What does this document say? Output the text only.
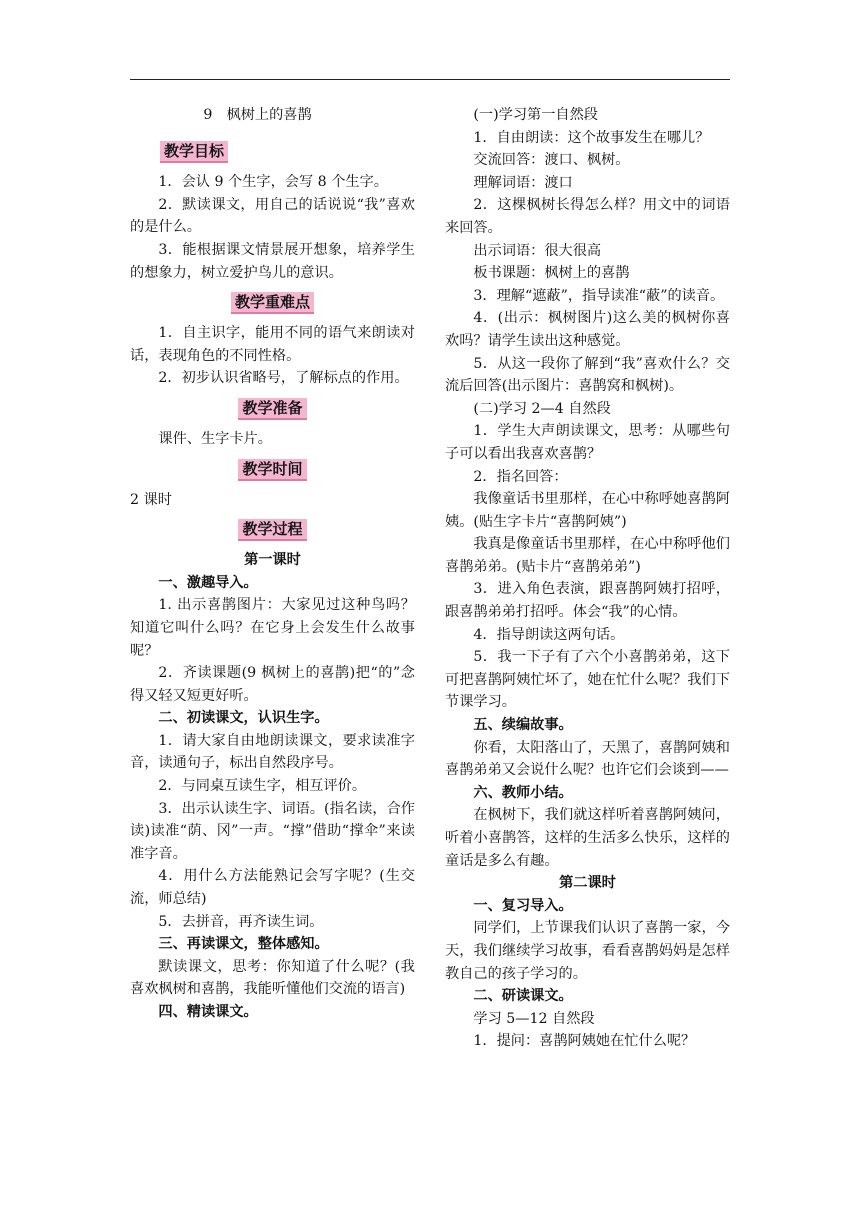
9　枫树上的喜鹊

教学目标

1．会认 9 个生字，会写 8 个生字。

2．默读课文，用自己的话说说“我”喜欢的是什么。

3．能根据课文情景展开想象，培养学生的想象力，树立爱护鸟儿的意识。

教学重难点

1．自主识字，能用不同的语气来朗读对话，表现角色的不同性格。

2．初步认识省略号，了解标点的作用。

教学准备

课件、生字卡片。

教学时间

2 课时

教学过程

第一课时

一、激趣导入。

1. 出示喜鹊图片：大家见过这种鸟吗？知道它叫什么吗？在它身上会发生什么故事呢？

2．齐读课题(9 枫树上的喜鹊)把“的”念得又轻又短更好听。

二、初读课文，认识生字。

1．请大家自由地朗读课文，要求读准字音，读通句子，标出自然段序号。

2．与同桌互读生字，相互评价。

3．出示认读生字、词语。(指名读，合作读)读准“荫、冈”一声。“撑”借助“撑伞”来读准字音。

4．用什么方法能熟记会写字呢？(生交流，师总结)

5．去拼音，再齐读生词。

三、再读课文，整体感知。

默读课文，思考：你知道了什么呢？(我喜欢枫树和喜鹊，我能听懂他们交流的语言)

四、精读课文。

(一)学习第一自然段

1．自由朗读：这个故事发生在哪儿？

交流回答：渡口、枫树。

理解词语：渡口

2．这棵枫树长得怎么样？用文中的词语来回答。

出示词语：很大很高

板书课题：枫树上的喜鹊

3．理解“遮蔽”，指导读准“蔽”的读音。

4．(出示：枫树图片)这么美的枫树你喜欢吗？请学生读出这种感觉。

5．从这一段你了解到“我”喜欢什么？交流后回答(出示图片：喜鹊窝和枫树)。

(二)学习 2—4 自然段

1．学生大声朗读课文，思考：从哪些句子可以看出我喜欢喜鹊？

2．指名回答：

我像童话书里那样，在心中称呼她喜鹊阿姨。(贴生字卡片“喜鹊阿姨”)

我真是像童话书里那样，在心中称呼他们喜鹊弟弟。(贴卡片“喜鹊弟弟”)

3．进入角色表演，跟喜鹊阿姨打招呼，跟喜鹊弟弟打招呼。体会“我”的心情。

4．指导朗读这两句话。

5．我一下子有了六个小喜鹊弟弟，这下可把喜鹊阿姨忙坏了，她在忙什么呢？我们下节课学习。

五、续编故事。

你看，太阳落山了，天黑了，喜鹊阿姨和喜鹊弟弟又会说什么呢？也许它们会谈到——

六、教师小结。

在枫树下，我们就这样听着喜鹊阿姨问，听着小喜鹊答，这样的生活多么快乐，这样的童话是多么有趣。

第二课时

一、复习导入。

同学们，上节课我们认识了喜鹊一家，今天，我们继续学习故事，看看喜鹊妈妈是怎样教自己的孩子学习的。

二、研读课文。

学习 5—12 自然段

1．提问：喜鹊阿姨她在忙什么呢？
